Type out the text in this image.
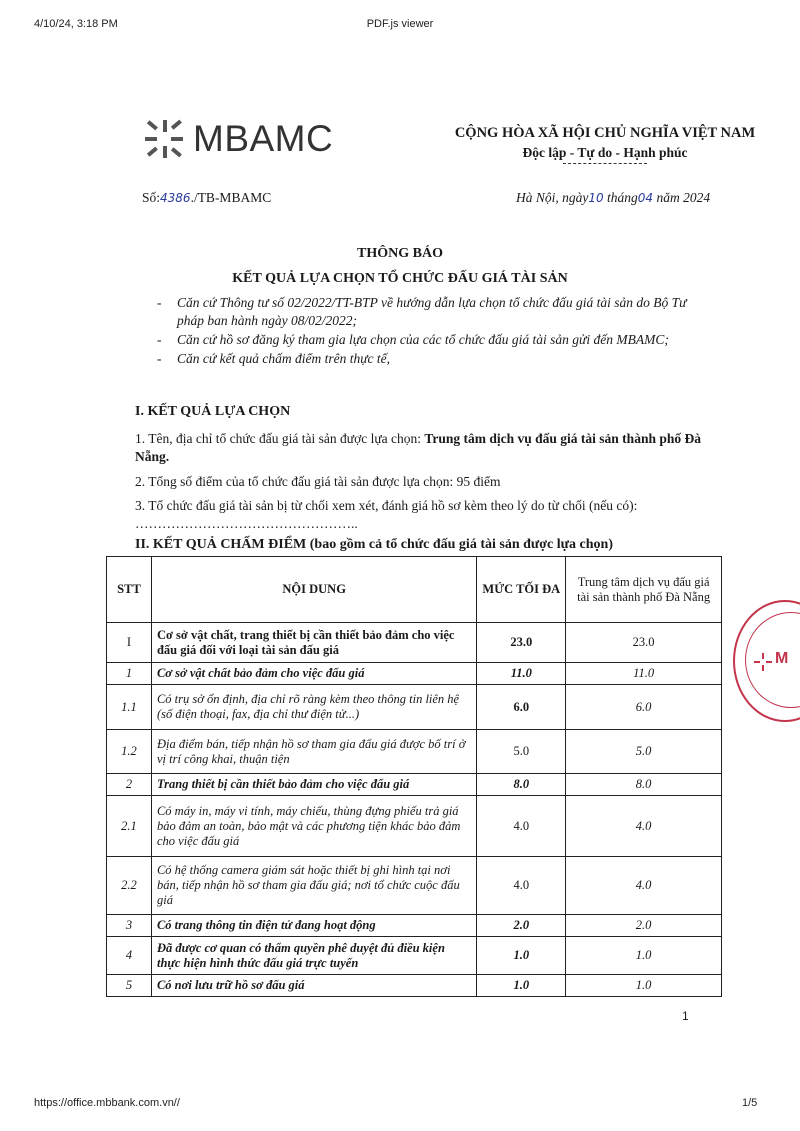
4/10/24, 3:18 PM	PDF.js viewer
MBAMC	CỘNG HÒA XÃ HỘI CHỦ NGHĨA VIỆT NAM
Độc lập - Tự do - Hạnh phúc
Số:4386./TB-MBAMC	Hà Nội, ngày10 tháng04 năm 2024
THÔNG BÁO
KẾT QUẢ LỰA CHỌN TỔ CHỨC ĐẤU GIÁ TÀI SẢN
- Căn cứ Thông tư số 02/2022/TT-BTP về hướng dẫn lựa chọn tổ chức đấu giá tài sản do Bộ Tư pháp ban hành ngày 08/02/2022;
- Căn cứ hồ sơ đăng ký tham gia lựa chọn của các tổ chức đấu giá tài sản gửi đến MBAMC;
- Căn cứ kết quả chấm điểm trên thực tế,
I. KẾT QUẢ LỰA CHỌN
1. Tên, địa chỉ tổ chức đấu giá tài sản được lựa chọn: Trung tâm dịch vụ đấu giá tài sản thành phố Đà Nẵng.
2. Tổng số điểm của tổ chức đấu giá tài sản được lựa chọn: 95 điểm
3. Tổ chức đấu giá tài sản bị từ chối xem xét, đánh giá hồ sơ kèm theo lý do từ chối (nếu có): …………………………………………..
II. KẾT QUẢ CHẤM ĐIỂM (bao gồm cả tổ chức đấu giá tài sản được lựa chọn)
STT	NỘI DUNG	MỨC TỐI ĐA	Trung tâm dịch vụ đấu giá tài sản thành phố Đà Nẵng
I	Cơ sở vật chất, trang thiết bị cần thiết bảo đảm cho việc đấu giá đối với loại tài sản đấu giá	23.0	23.0
1	Cơ sở vật chất bảo đảm cho việc đấu giá	11.0	11.0
1.1	Có trụ sở ổn định, địa chỉ rõ ràng kèm theo thông tin liên hệ (số điện thoại, fax, địa chỉ thư điện tử...)	6.0	6.0
1.2	Địa điểm bán, tiếp nhận hồ sơ tham gia đấu giá được bố trí ở vị trí công khai, thuận tiện	5.0	5.0
2	Trang thiết bị cần thiết bảo đảm cho việc đấu giá	8.0	8.0
2.1	Có máy in, máy vi tính, máy chiếu, thùng đựng phiếu trả giá bảo đảm an toàn, bảo mật và các phương tiện khác bảo đảm cho việc đấu giá	4.0	4.0
2.2	Có hệ thống camera giám sát hoặc thiết bị ghi hình tại nơi bán, tiếp nhận hồ sơ tham gia đấu giá; nơi tổ chức cuộc đấu giá	4.0	4.0
3	Có trang thông tin điện tử đang hoạt động	2.0	2.0
4	Đã được cơ quan có thẩm quyền phê duyệt đủ điều kiện thực hiện hình thức đấu giá trực tuyến	1.0	1.0
5	Có nơi lưu trữ hồ sơ đấu giá	1.0	1.0
M
1
https://office.mbbank.com.vn//	1/5
